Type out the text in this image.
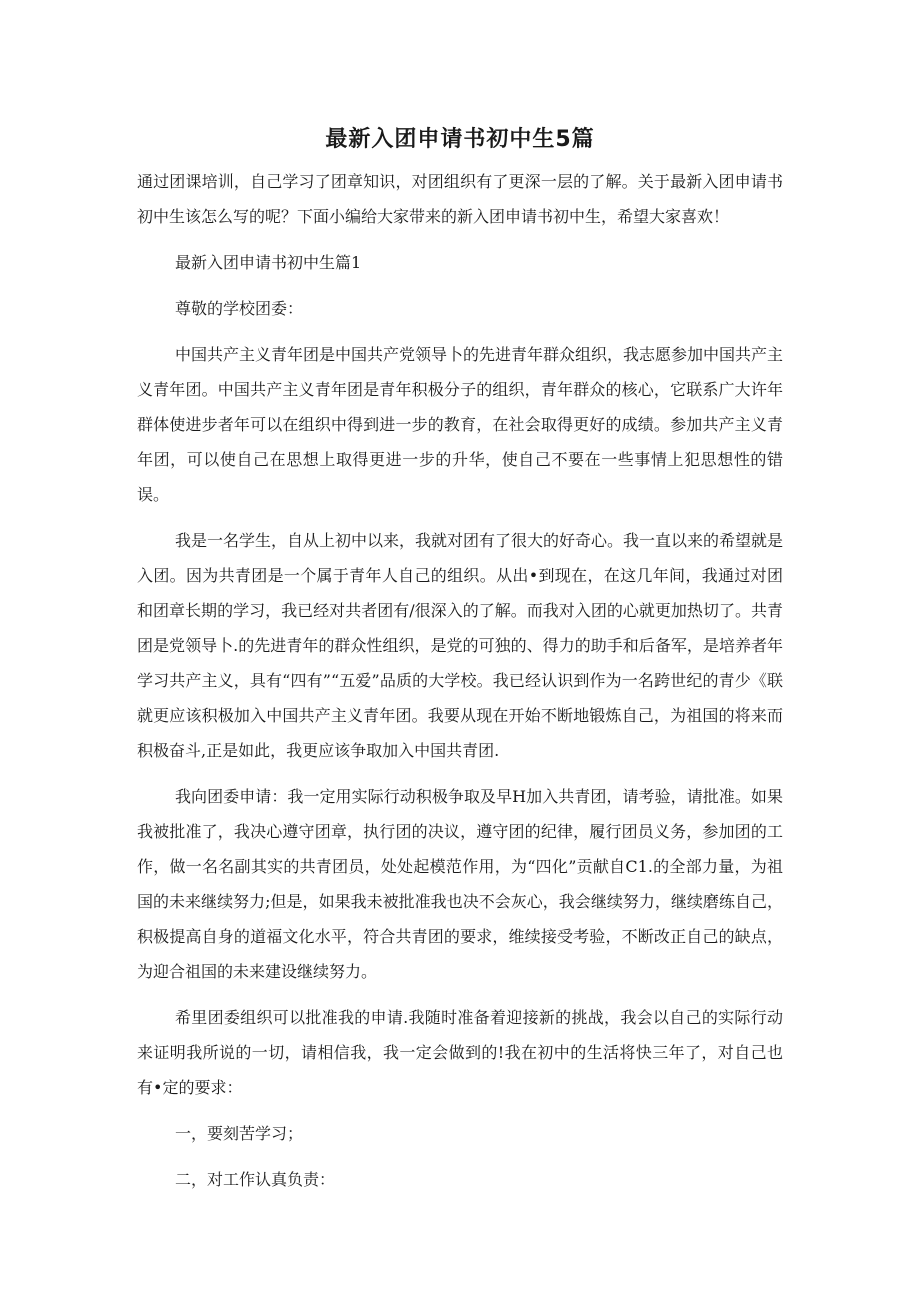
最新入团申请书初中生5篇

通过团课培训，自己学习了团章知识，对团组织有了更深一层的了解。关于最新入团申请书初中生该怎么写的呢？下面小编给大家带来的新入团申请书初中生，希望大家喜欢！

最新入团申请书初中生篇1

尊敬的学校团委：

中国共产主义青年团是中国共产党领导卜的先进青年群众组织，我志愿参加中国共产主义青年团。中国共产主义青年团是青年积极分子的组织，青年群众的核心，它联系广大许年群体使进步者年可以在组织中得到进一步的教育，在社会取得更好的成绩。参加共产主义青年团，可以使自己在思想上取得更进一步的升华，使自己不要在一些事情上犯思想性的错误。

我是一名学生，自从上初中以来，我就对团有了很大的好奇心。我一直以来的希望就是入团。因为共青团是一个属于青年人自己的组织。从出•到现在，在这几年间，我通过对团和团章长期的学习，我已经对共者团有∕很深入的了解。而我对入团的心就更加热切了。共青团是党领导卜.的先进青年的群众性组织，是党的可独的、得力的助手和后备军，是培养者年学习共产主义，具有“四有”“五爱”品质的大学校。我已经认识到作为一名跨世纪的青少《联就更应该积极加入中国共产主义青年团。我要从现在开始不断地锻炼自己，为祖国的将来而积极奋斗,正是如此，我更应该争取加入中国共青团.

我向团委申请：我一定用实际行动积极争取及早H加入共青团，请考验，请批准。如果我被批准了，我决心遵守团章，执行团的决议，遵守团的纪律，履行团员义务，参加团的工作，做一名名副其实的共青团员，处处起模范作用，为“四化”贡献自C1.的全部力量，为祖国的未来继续努力;但是，如果我未被批准我也决不会灰心，我会继续努力，继续磨练自己，积极提高自身的道福文化水平，符合共青团的要求，维续接受考验，不断改正自己的缺点，为迎合祖国的未来建设继续努力。

希里团委组织可以批准我的申请.我随时准备着迎接新的挑战，我会以自己的实际行动来证明我所说的一切，请相信我，我一定会做到的!我在初中的生活将快三年了，对自己也有•定的要求：

一，要刻苦学习；

二，对工作认真负责：
